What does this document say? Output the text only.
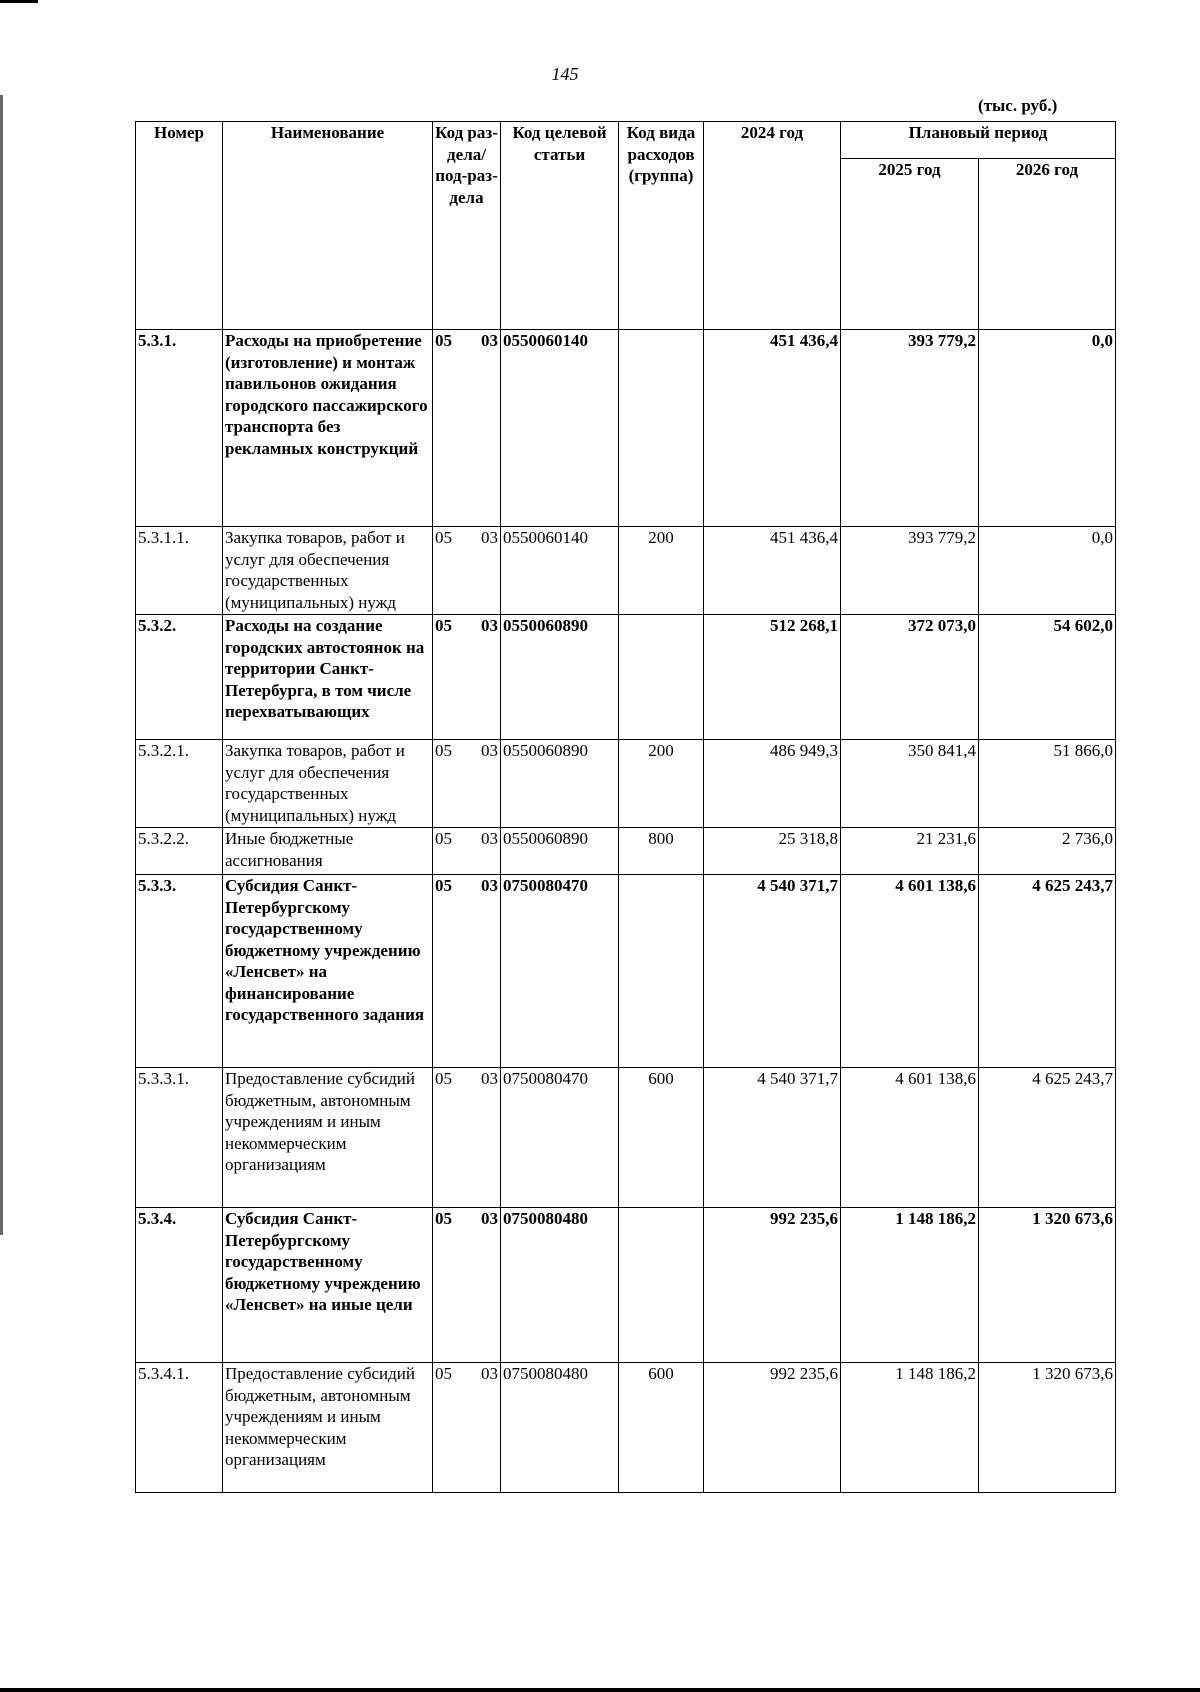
145
(тыс. руб.)
Номер	Наименование	Код раз-дела/ под-раз-дела	Код целевой статьи	Код вида расходов (группа)	2024 год	Плановый период	
						2025 год	2026 год
5.3.1.	Расходы на приобретение (изготовление) и монтаж павильонов ожидания городского пассажирского транспорта без рекламных конструкций	05 03	0550060140		451 436,4	393 779,2	0,0
5.3.1.1.	Закупка товаров, работ и услуг для обеспечения государственных (муниципальных) нужд	05 03	0550060140	200	451 436,4	393 779,2	0,0
5.3.2.	Расходы на создание городских автостоянок на территории Санкт-Петербурга, в том числе перехватывающих	05 03	0550060890		512 268,1	372 073,0	54 602,0
5.3.2.1.	Закупка товаров, работ и услуг для обеспечения государственных (муниципальных) нужд	05 03	0550060890	200	486 949,3	350 841,4	51 866,0
5.3.2.2.	Иные бюджетные ассигнования	05 03	0550060890	800	25 318,8	21 231,6	2 736,0
5.3.3.	Субсидия Санкт-Петербургскому государственному бюджетному учреждению «Ленсвет» на финансирование государственного задания	05 03	0750080470		4 540 371,7	4 601 138,6	4 625 243,7
5.3.3.1.	Предоставление субсидий бюджетным, автономным учреждениям и иным некоммерческим организациям	05 03	0750080470	600	4 540 371,7	4 601 138,6	4 625 243,7
5.3.4.	Субсидия Санкт-Петербургскому государственному бюджетному учреждению «Ленсвет» на иные цели	05 03	0750080480		992 235,6	1 148 186,2	1 320 673,6
5.3.4.1.	Предоставление субсидий бюджетным, автономным учреждениям и иным некоммерческим организациям	05 03	0750080480	600	992 235,6	1 148 186,2	1 320 673,6
